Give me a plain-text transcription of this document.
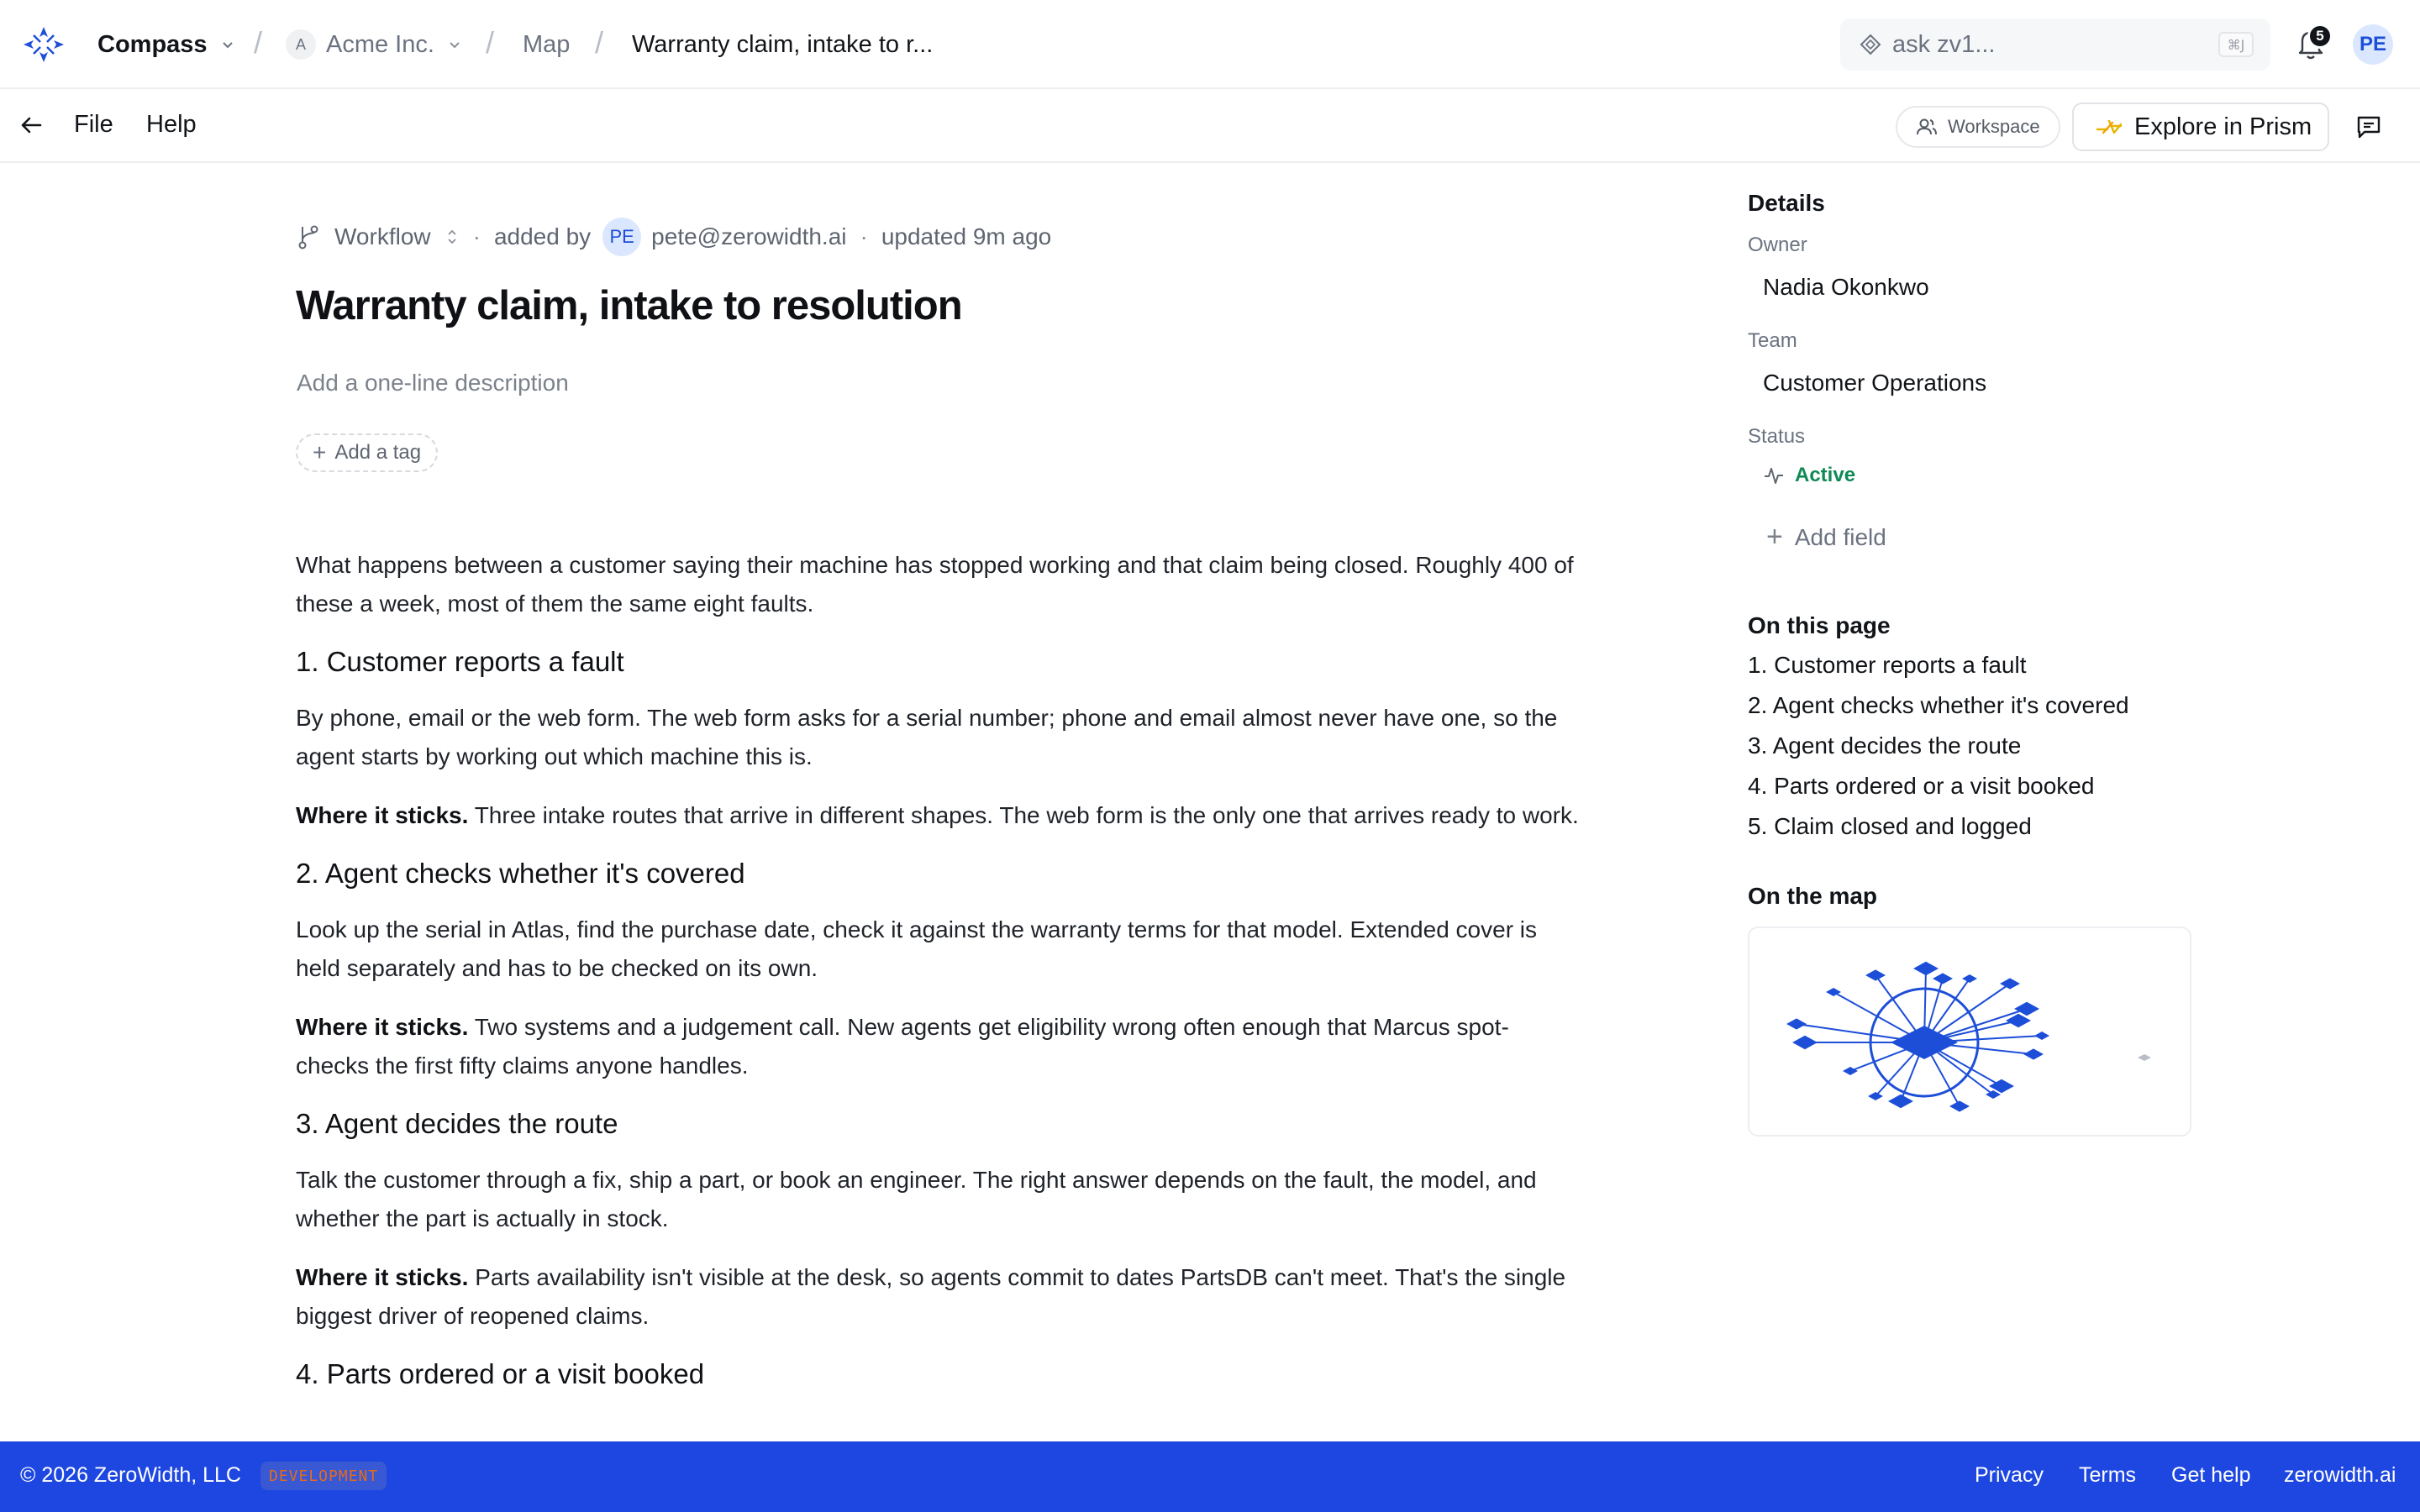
Compass /	A Acme Inc. / Map / Warranty claim, intake to r...	ask zv1...	⌘J
5	PE
File Help	Workspace	Explore in Prism
Workflow · added by	PE pete@zerowidth.ai · updated 9m ago
Warranty claim, intake to resolution
Add a one-line description
+ Add a tag

What happens between a customer saying their machine has stopped working and that claim being closed. Roughly 400 of these a week, most of them the same eight faults.

1. Customer reports a fault

By phone, email or the web form. The web form asks for a serial number; phone and email almost never have one, so the agent starts by working out which machine this is.

Where it sticks. Three intake routes that arrive in different shapes. The web form is the only one that arrives ready to work.

2. Agent checks whether it's covered

Look up the serial in Atlas, find the purchase date, check it against the warranty terms for that model. Extended cover is held separately and has to be checked on its own.

Where it sticks. Two systems and a judgement call. New agents get eligibility wrong often enough that Marcus spot-checks the first fifty claims anyone handles.

3. Agent decides the route

Talk the customer through a fix, ship a part, or book an engineer. The right answer depends on the fault, the model, and whether the part is actually in stock.

Where it sticks. Parts availability isn't visible at the desk, so agents commit to dates PartsDB can't meet. That's the single biggest driver of reopened claims.

4. Parts ordered or a visit booked
Details
Owner
Nadia Okonkwo
Team
Customer Operations
Status
Active
+ Add field
On this page
1. Customer reports a fault
2. Agent checks whether it's covered
3. Agent decides the route
4. Parts ordered or a visit booked
5. Claim closed and logged
On the map
© 2026 ZeroWidth, LLC	DEVELOPMENT	Privacy Terms Get help zerowidth.ai
